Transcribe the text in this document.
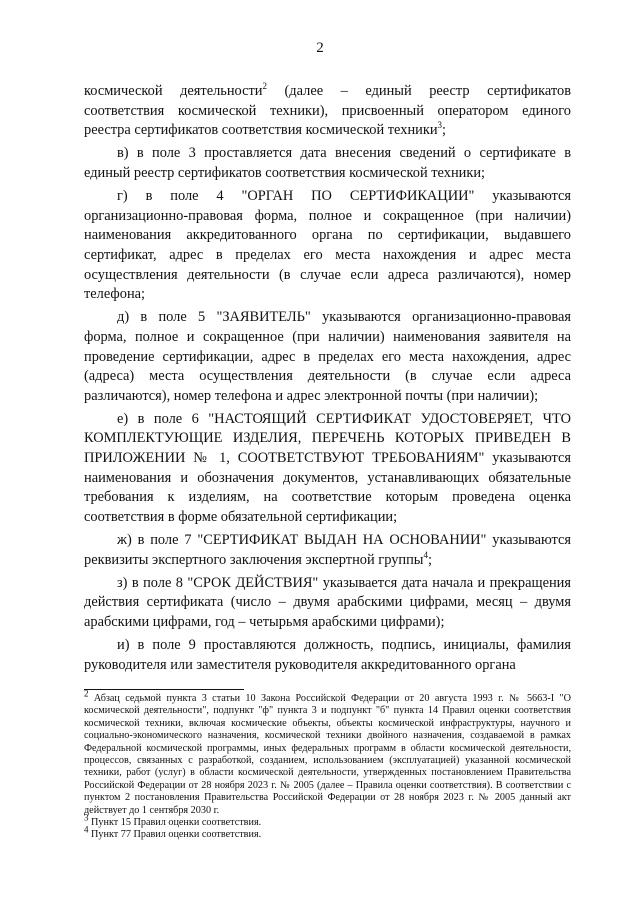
2

космической деятельности$^2$ (далее – единый реестр сертификатов соответствия космической техники), присвоенный оператором единого реестра сертификатов соответствия космической техники$^3$;

в) в поле 3 проставляется дата внесения сведений о сертификате в единый реестр сертификатов соответствия космической техники;

г) в поле 4 "ОРГАН ПО СЕРТИФИКАЦИИ" указываются организационно-правовая форма, полное и сокращенное (при наличии) наименования аккредитованного органа по сертификации, выдавшего сертификат, адрес в пределах его места нахождения и адрес места осуществления деятельности (в случае если адреса различаются), номер телефона;

д) в поле 5 "ЗАЯВИТЕЛЬ" указываются организационно-правовая форма, полное и сокращенное (при наличии) наименования заявителя на проведение сертификации, адрес в пределах его места нахождения, адрес (адреса) места осуществления деятельности (в случае если адреса различаются), номер телефона и адрес электронной почты (при наличии);

е) в поле 6 "НАСТОЯЩИЙ СЕРТИФИКАТ УДОСТОВЕРЯЕТ, ЧТО КОМПЛЕКТУЮЩИЕ ИЗДЕЛИЯ, ПЕРЕЧЕНЬ КОТОРЫХ ПРИВЕДЕН В ПРИЛОЖЕНИИ № 1, СООТВЕТСТВУЮТ ТРЕБОВАНИЯМ" указываются наименования и обозначения документов, устанавливающих обязательные требования к изделиям, на соответствие которым проведена оценка соответствия в форме обязательной сертификации;

ж) в поле 7 "СЕРТИФИКАТ ВЫДАН НА ОСНОВАНИИ" указываются реквизиты экспертного заключения экспертной группы$^4$;

з) в поле 8 "СРОК ДЕЙСТВИЯ" указывается дата начала и прекращения действия сертификата (число – двумя арабскими цифрами, месяц – двумя арабскими цифрами, год – четырьмя арабскими цифрами);

и) в поле 9 проставляются должность, подпись, инициалы, фамилия руководителя или заместителя руководителя аккредитованного органа

$^2$ Абзац седьмой пункта 3 статьи 10 Закона Российской Федерации от 20 августа 1993 г. № 5663-I "О космической деятельности", подпункт "ф" пункта 3 и подпункт "б" пункта 14 Правил оценки соответствия космической техники, включая космические объекты, объекты космической инфраструктуры, научного и социально-экономического назначения, космической техники двойного назначения, создаваемой в рамках Федеральной космической программы, иных федеральных программ в области космической деятельности, процессов, связанных с разработкой, созданием, использованием (эксплуатацией) указанной космической техники, работ (услуг) в области космической деятельности, утвержденных постановлением Правительства Российской Федерации от 28 ноября 2023 г. № 2005 (далее – Правила оценки соответствия). В соответствии с пунктом 2 постановления Правительства Российской Федерации от 28 ноября 2023 г. № 2005 данный акт действует до 1 сентября 2030 г.

$^3$ Пункт 15 Правил оценки соответствия.

$^4$ Пункт 77 Правил оценки соответствия.
